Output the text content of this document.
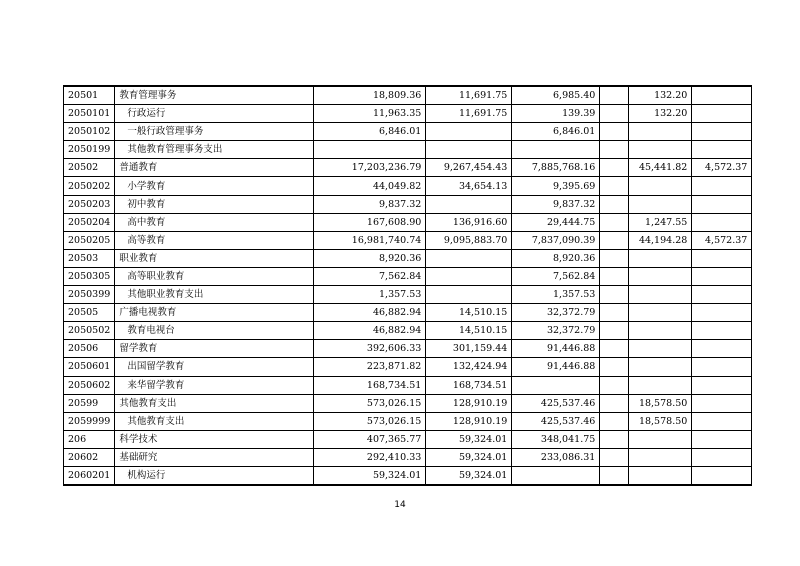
20501	教育管理事务	18,809.36	11,691.75	6,985.40		132.20	
2050101	行政运行	11,963.35	11,691.75	139.39		132.20	
2050102	一般行政管理事务	6,846.01		6,846.01			
2050199	其他教育管理事务支出						
20502	普通教育	17,203,236.79	9,267,454.43	7,885,768.16		45,441.82	4,572.37
2050202	小学教育	44,049.82	34,654.13	9,395.69			
2050203	初中教育	9,837.32		9,837.32			
2050204	高中教育	167,608.90	136,916.60	29,444.75		1,247.55	
2050205	高等教育	16,981,740.74	9,095,883.70	7,837,090.39		44,194.28	4,572.37
20503	职业教育	8,920.36		8,920.36			
2050305	高等职业教育	7,562.84		7,562.84			
2050399	其他职业教育支出	1,357.53		1,357.53			
20505	广播电视教育	46,882.94	14,510.15	32,372.79			
2050502	教育电视台	46,882.94	14,510.15	32,372.79			
20506	留学教育	392,606.33	301,159.44	91,446.88			
2050601	出国留学教育	223,871.82	132,424.94	91,446.88			
2050602	来华留学教育	168,734.51	168,734.51				
20599	其他教育支出	573,026.15	128,910.19	425,537.46		18,578.50	
2059999	其他教育支出	573,026.15	128,910.19	425,537.46		18,578.50	
206	科学技术	407,365.77	59,324.01	348,041.75			
20602	基础研究	292,410.33	59,324.01	233,086.31			
2060201	机构运行	59,324.01	59,324.01				
14
